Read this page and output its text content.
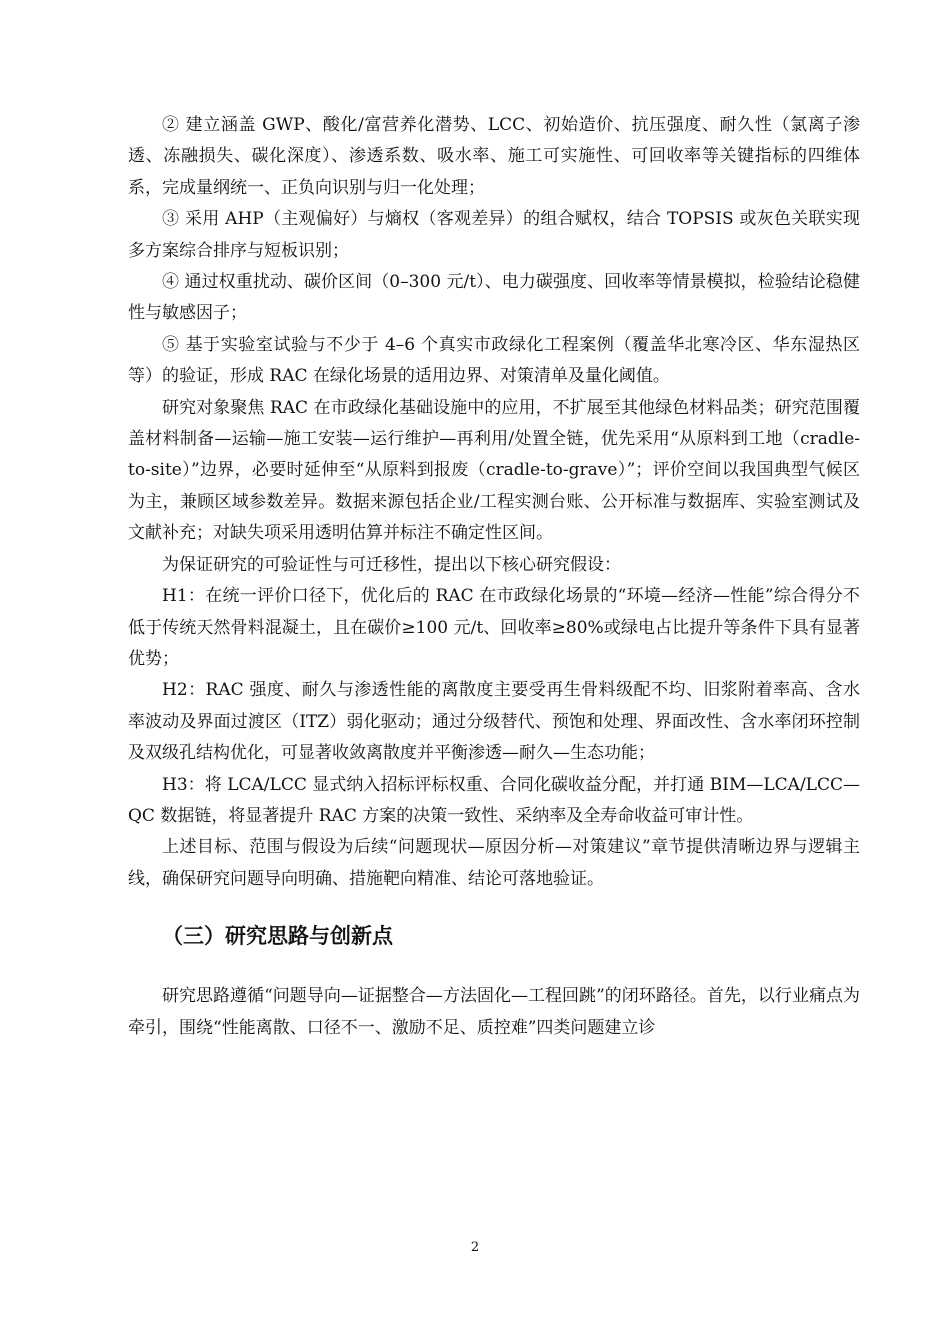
② 建立涵盖 GWP、酸化/富营养化潜势、LCC、初始造价、抗压强度、耐久性（氯离子渗透、冻融损失、碳化深度）、渗透系数、吸水率、施工可实施性、可回收率等关键指标的四维体系，完成量纲统一、正负向识别与归一化处理；

③ 采用 AHP（主观偏好）与熵权（客观差异）的组合赋权，结合 TOPSIS 或灰色关联实现多方案综合排序与短板识别；

④ 通过权重扰动、碳价区间（0–300 元/t）、电力碳强度、回收率等情景模拟，检验结论稳健性与敏感因子；

⑤ 基于实验室试验与不少于 4–6 个真实市政绿化工程案例（覆盖华北寒冷区、华东湿热区等）的验证，形成 RAC 在绿化场景的适用边界、对策清单及量化阈值。

研究对象聚焦 RAC 在市政绿化基础设施中的应用，不扩展至其他绿色材料品类；研究范围覆盖材料制备—运输—施工安装—运行维护—再利用/处置全链，优先采用“从原料到工地（cradle-to-site）”边界，必要时延伸至“从原料到报废（cradle-to-grave）”；评价空间以我国典型气候区为主，兼顾区域参数差异。数据来源包括企业/工程实测台账、公开标准与数据库、实验室测试及文献补充；对缺失项采用透明估算并标注不确定性区间。

为保证研究的可验证性与可迁移性，提出以下核心研究假设：

H1：在统一评价口径下，优化后的 RAC 在市政绿化场景的“环境—经济—性能”综合得分不低于传统天然骨料混凝土，且在碳价≥100 元/t、回收率≥80%或绿电占比提升等条件下具有显著优势；

H2：RAC 强度、耐久与渗透性能的离散度主要受再生骨料级配不均、旧浆附着率高、含水率波动及界面过渡区（ITZ）弱化驱动；通过分级替代、预饱和处理、界面改性、含水率闭环控制及双级孔结构优化，可显著收敛离散度并平衡渗透—耐久—生态功能；

H3：将 LCA/LCC 显式纳入招标评标权重、合同化碳收益分配，并打通 BIM—LCA/LCC—QC 数据链，将显著提升 RAC 方案的决策一致性、采纳率及全寿命收益可审计性。

上述目标、范围与假设为后续“问题现状—原因分析—对策建议”章节提供清晰边界与逻辑主线，确保研究问题导向明确、措施靶向精准、结论可落地验证。

（三）研究思路与创新点

研究思路遵循“问题导向—证据整合—方法固化—工程回跳”的闭环路径。首先，以行业痛点为牵引，围绕“性能离散、口径不一、激励不足、质控难”四类问题建立诊

2
